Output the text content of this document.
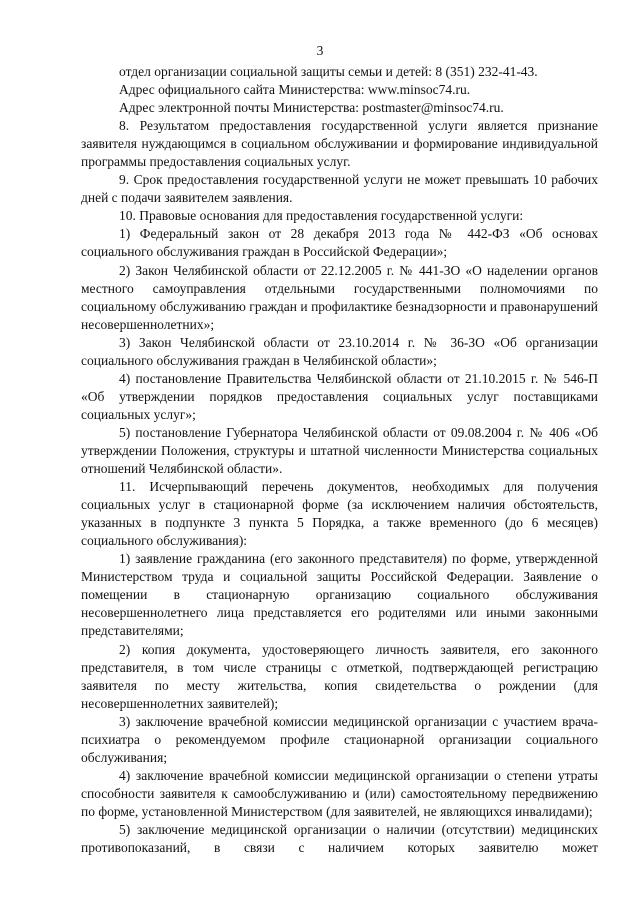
3

отдел организации социальной защиты семьи и детей: 8 (351) 232-41-43.

Адрес официального сайта Министерства: www.minsoc74.ru.

Адрес электронной почты Министерства: postmaster@minsoc74.ru.

8. Результатом предоставления государственной услуги является признание заявителя нуждающимся в социальном обслуживании и формирование индивидуальной программы предоставления социальных услуг.

9. Срок предоставления государственной услуги не может превышать 10 рабочих дней с подачи заявителем заявления.

10. Правовые основания для предоставления государственной услуги:

1) Федеральный закон от 28 декабря 2013 года № 442-ФЗ «Об основах социального обслуживания граждан в Российской Федерации»;

2) Закон Челябинской области от 22.12.2005 г. № 441-ЗО «О наделении органов местного самоуправления отдельными государственными полномочиями по социальному обслуживанию граждан и профилактике безнадзорности и правонарушений несовершеннолетних»;

3) Закон Челябинской области от 23.10.2014 г. № 36-ЗО «Об организации социального обслуживания граждан в Челябинской области»;

4) постановление Правительства Челябинской области от 21.10.2015 г. № 546-П «Об утверждении порядков предоставления социальных услуг поставщиками социальных услуг»;

5) постановление Губернатора Челябинской области от 09.08.2004 г. № 406 «Об утверждении Положения, структуры и штатной численности Министерства социальных отношений Челябинской области».

11. Исчерпывающий перечень документов, необходимых для получения социальных услуг в стационарной форме (за исключением наличия обстоятельств, указанных в подпункте 3 пункта 5 Порядка, а также временного (до 6 месяцев) социального обслуживания):

1) заявление гражданина (его законного представителя) по форме, утвержденной Министерством труда и социальной защиты Российской Федерации. Заявление о помещении в стационарную организацию социального обслуживания несовершеннолетнего лица представляется его родителями или иными законными представителями;

2) копия документа, удостоверяющего личность заявителя, его законного представителя, в том числе страницы с отметкой, подтверждающей регистрацию заявителя по месту жительства, копия свидетельства о рождении (для несовершеннолетних заявителей);

3) заключение врачебной комиссии медицинской организации с участием врача-психиатра о рекомендуемом профиле стационарной организации социального обслуживания;

4) заключение врачебной комиссии медицинской организации о степени утраты способности заявителя к самообслуживанию и (или) самостоятельному передвижению по форме, установленной Министерством (для заявителей, не являющихся инвалидами);

5) заключение медицинской организации о наличии (отсутствии) медицинских противопоказаний, в связи с наличием которых заявителю может
